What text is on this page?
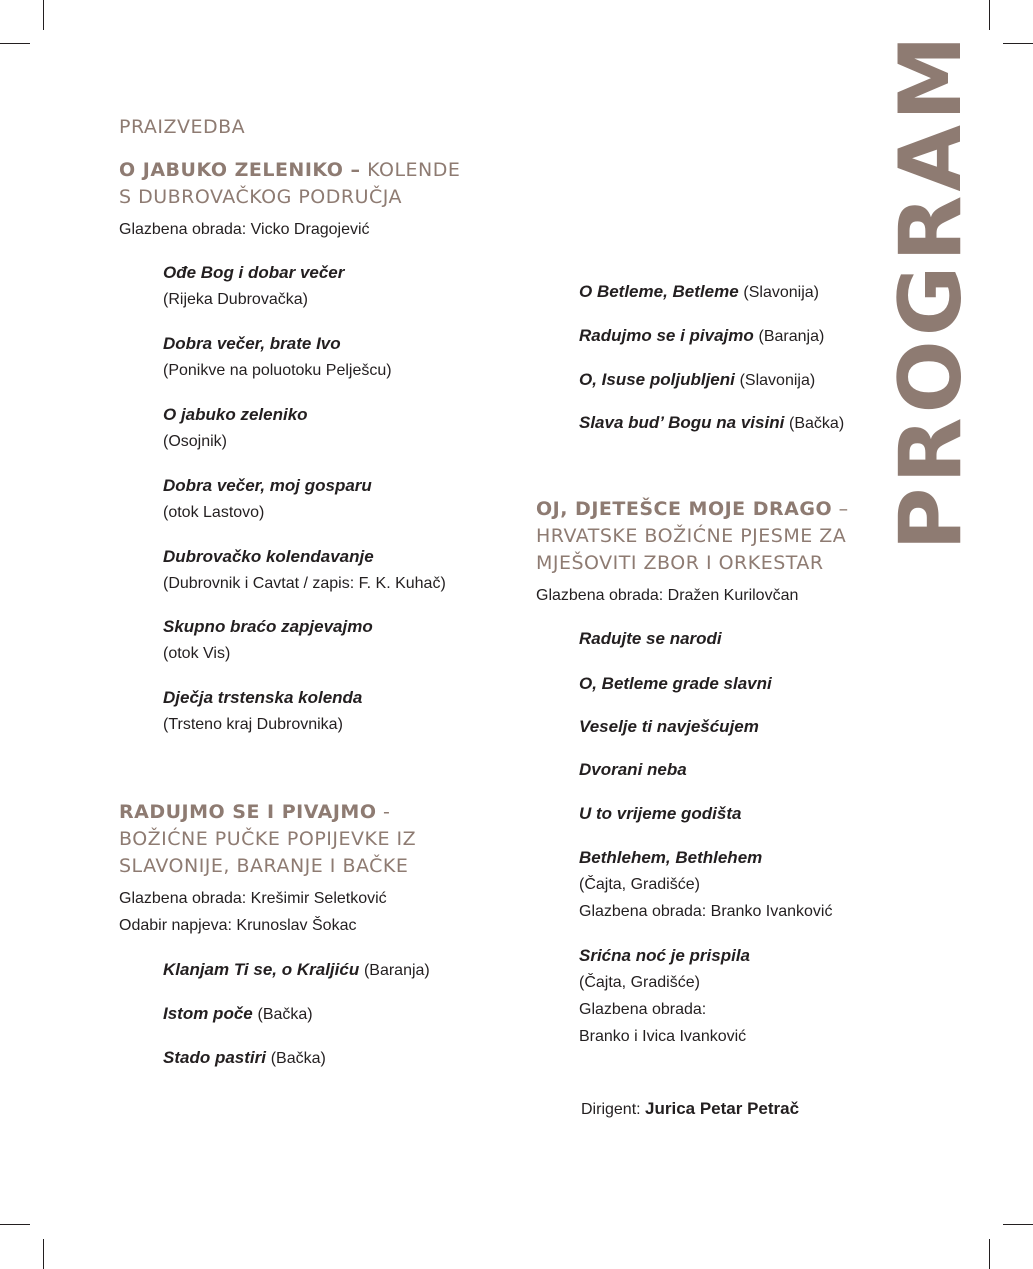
PROGRAM
PRAIZVEDBA
O JABUKO ZELENIKO – KOLENDE
S DUBROVAČKOG PODRUČJA
Glazbena obrada: Vicko Dragojević
Ođe Bog i dobar večer
(Rijeka Dubrovačka)
Dobra večer, brate Ivo
(Ponikve na poluotoku Pelješcu)
O jabuko zeleniko
(Osojnik)
Dobra večer, moj gosparu
(otok Lastovo)
Dubrovačko kolendavanje
(Dubrovnik i Cavtat / zapis: F. K. Kuhač)
Skupno braćo zapjevajmo
(otok Vis)
Dječja trstenska kolenda
(Trsteno kraj Dubrovnika)
RADUJMO SE I PIVAJMO -
BOŽIĆNE PUČKE POPIJEVKE IZ
SLAVONIJE, BARANJE I BAČKE
Glazbena obrada: Krešimir Seletković
Odabir napjeva: Krunoslav Šokac
Klanjam Ti se, o Kraljiću (Baranja)
Istom poče (Bačka)
Stado pastiri (Bačka)
O Betleme, Betleme (Slavonija)
Radujmo se i pivajmo (Baranja)
O, Isuse poljubljeni (Slavonija)
Slava bud’ Bogu na visini (Bačka)
OJ, DJETEŠCE MOJE DRAGO –
HRVATSKE BOŽIĆNE PJESME ZA
MJEŠOVITI ZBOR I ORKESTAR
Glazbena obrada: Dražen Kurilovčan
Radujte se narodi
O, Betleme grade slavni
Veselje ti navješćujem
Dvorani neba
U to vrijeme godišta
Bethlehem, Bethlehem
(Čajta, Gradišće)
Glazbena obrada: Branko Ivanković
Srićna noć je prispila
(Čajta, Gradišće)
Glazbena obrada:
Branko i Ivica Ivanković
Dirigent: Jurica Petar Petrač
